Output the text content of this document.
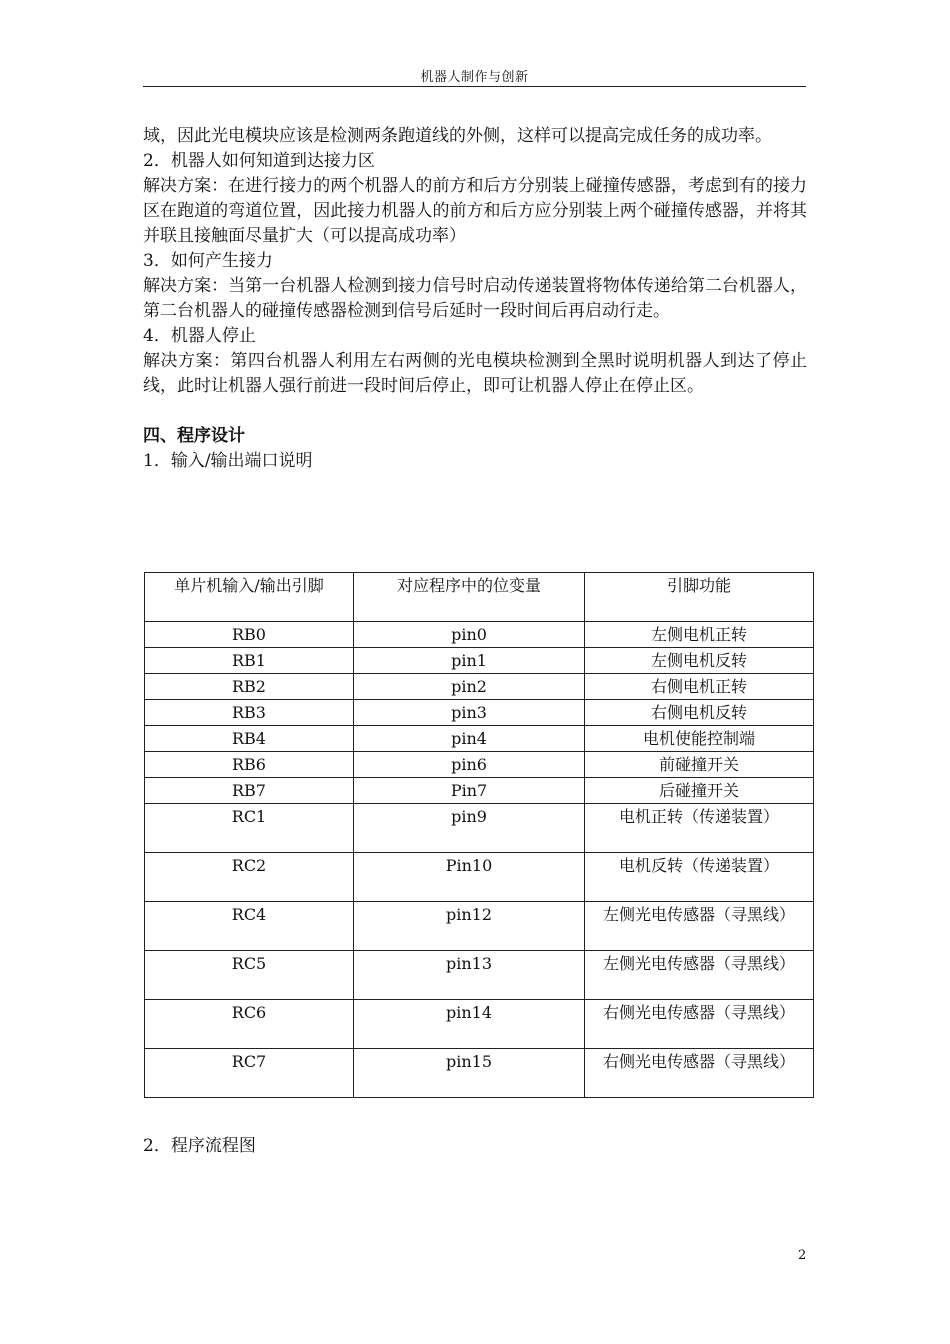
机器人制作与创新

域，因此光电模块应该是检测两条跑道线的外侧，这样可以提高完成任务的成功率。

2．机器人如何知道到达接力区

解决方案：在进行接力的两个机器人的前方和后方分别装上碰撞传感器，考虑到有的接力区在跑道的弯道位置，因此接力机器人的前方和后方应分别装上两个碰撞传感器，并将其并联且接触面尽量扩大（可以提高成功率）

3．如何产生接力

解决方案：当第一台机器人检测到接力信号时启动传递装置将物体传递给第二台机器人，第二台机器人的碰撞传感器检测到信号后延时一段时间后再启动行走。

4．机器人停止

解决方案：第四台机器人利用左右两侧的光电模块检测到全黑时说明机器人到达了停止线，此时让机器人强行前进一段时间后停止，即可让机器人停止在停止区。

四、程序设计

1．输入/输出端口说明

单片机输入/输出引脚	对应程序中的位变量	引脚功能
RB0	pin0	左侧电机正转
RB1	pin1	左侧电机反转
RB2	pin2	右侧电机正转
RB3	pin3	右侧电机反转
RB4	pin4	电机使能控制端
RB6	pin6	前碰撞开关
RB7	Pin7	后碰撞开关
RC1	pin9	电机正转（传递装置）
RC2	Pin10	电机反转（传递装置）
RC4	pin12	左侧光电传感器（寻黑线）
RC5	pin13	左侧光电传感器（寻黑线）
RC6	pin14	右侧光电传感器（寻黑线）
RC7	pin15	右侧光电传感器（寻黑线）
2．程序流程图
2
